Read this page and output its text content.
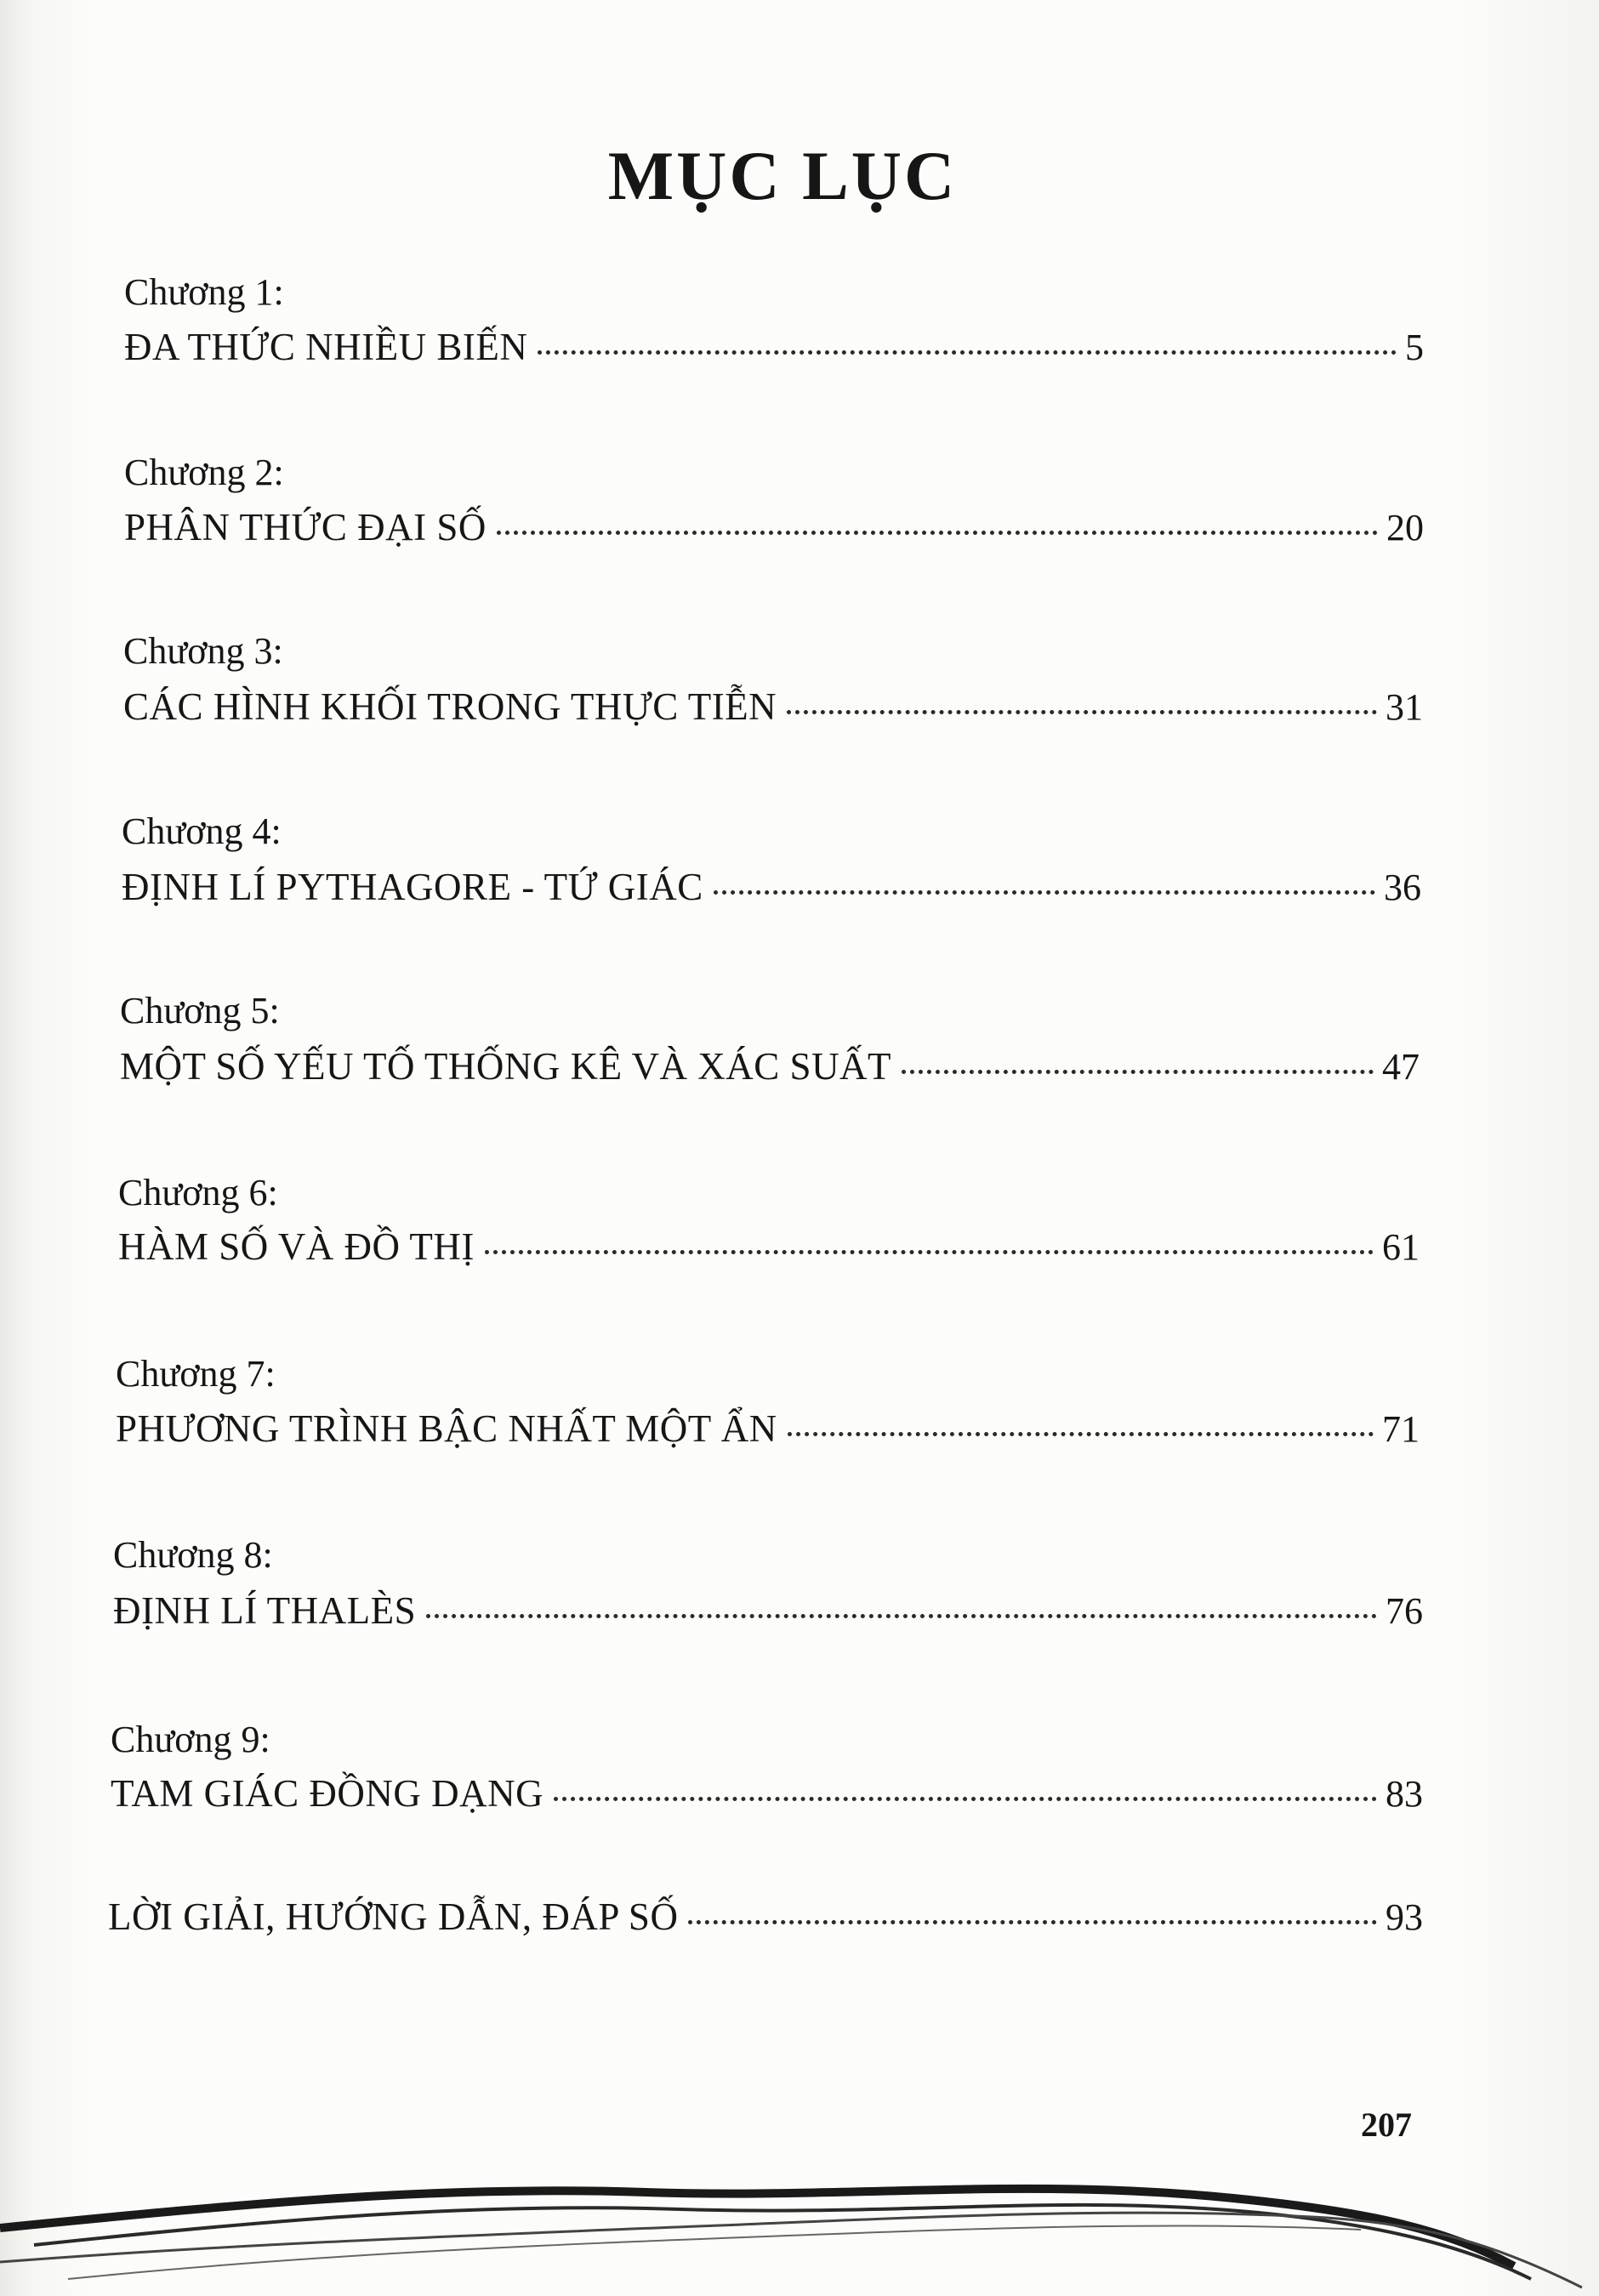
MỤC LỤC
Chương 1:
ĐA THỨC NHIỀU BIẾN	5
Chương 2:
PHÂN THỨC ĐẠI SỐ	20
Chương 3:
CÁC HÌNH KHỐI TRONG THỰC TIỄN	31
Chương 4:
ĐỊNH LÍ PYTHAGORE - TỨ GIÁC	36
Chương 5:
MỘT SỐ YẾU TỐ THỐNG KÊ VÀ XÁC SUẤT	47
Chương 6:
HÀM SỐ VÀ ĐỒ THỊ	61
Chương 7:
PHƯƠNG TRÌNH BẬC NHẤT MỘT ẨN	71
Chương 8:
ĐỊNH LÍ THALÈS	76
Chương 9:
TAM GIÁC ĐỒNG DẠNG	83
LỜI GIẢI, HƯỚNG DẪN, ĐÁP SỐ	93
207
